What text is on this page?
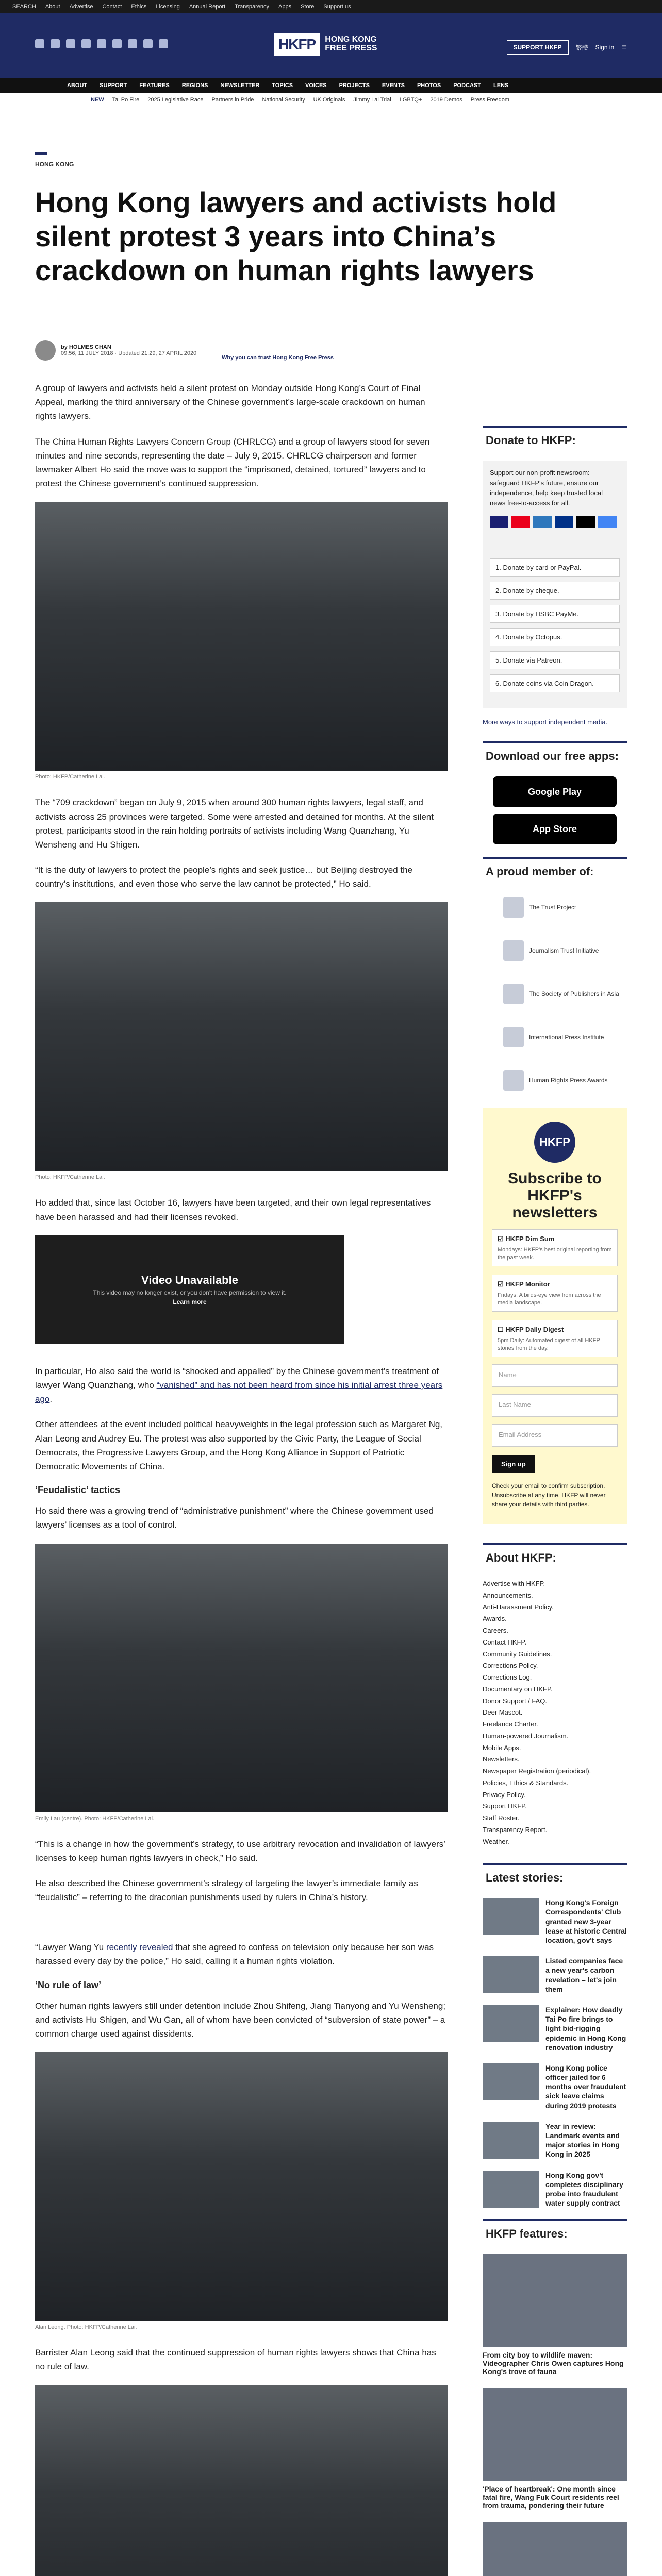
SEARCH About Advertise Contact Ethics Licensing Annual Report Transparency Apps Store Support us
HKFP	HONG KONG FREE PRESS	SUPPORT HKFP	繁體 Sign in ☰
ABOUT SUPPORT FEATURES REGIONS NEWSLETTER TOPICS VOICES PROJECTS EVENTS PHOTOS PODCAST LENS
NEW Tai Po Fire 2025 Legislative Race Partners in Pride National Security UK Originals Jimmy Lai Trial LGBTQ+ 2019 Demos Press Freedom
HONG KONG
Hong Kong lawyers and activists hold silent protest 3 years into China’s crackdown on human rights lawyers
by HOLMES CHAN
09:56, 11 JULY 2018 · Updated 21:29, 27 APRIL 2020
Why you can trust Hong Kong Free Press

A group of lawyers and activists held a silent protest on Monday outside Hong Kong’s Court of Final Appeal, marking the third anniversary of the Chinese government’s large-scale crackdown on human rights lawyers.

The China Human Rights Lawyers Concern Group (CHRLCG) and a group of lawyers stood for seven minutes and nine seconds, representing the date – July 9, 2015. CHRLCG chairperson and former lawmaker Albert Ho said the move was to support the “imprisoned, detained, tortured” lawyers and to protest the Chinese government’s continued suppression.

Photo: HKFP/Catherine Lai.

The “709 crackdown” began on July 9, 2015 when around 300 human rights lawyers, legal staff, and activists across 25 provinces were targeted. Some were arrested and detained for months. At the silent protest, participants stood in the rain holding portraits of activists including Wang Quanzhang, Yu Wensheng and Hu Shigen.

“It is the duty of lawyers to protect the people’s rights and seek justice… but Beijing destroyed the country’s institutions, and even those who serve the law cannot be protected,” Ho said.

Photo: HKFP/Catherine Lai.

Ho added that, since last October 16, lawyers have been targeted, and their own legal representatives have been harassed and had their licenses revoked.

Video Unavailable
This video may no longer exist, or you don't have permission to view it.
Learn more

In particular, Ho also said the world is “shocked and appalled” by the Chinese government’s treatment of lawyer Wang Quanzhang, who “vanished” and has not been heard from since his initial arrest three years ago.

Other attendees at the event included political heavyweights in the legal profession such as Margaret Ng, Alan Leong and Audrey Eu. The protest was also supported by the Civic Party, the League of Social Democrats, the Progressive Lawyers Group, and the Hong Kong Alliance in Support of Patriotic Democratic Movements of China.

‘Feudalistic’ tactics

Ho said there was a growing trend of “administrative punishment” where the Chinese government used lawyers’ licenses as a tool of control.

Emily Lau (centre). Photo: HKFP/Catherine Lai.

“This is a change in how the government’s strategy, to use arbitrary revocation and invalidation of lawyers’ licenses to keep human rights lawyers in check,” Ho said.

He also described the Chinese government’s strategy of targeting the lawyer’s immediate family as “feudalistic” – referring to the draconian punishments used by rulers in China’s history.

“Lawyer Wang Yu recently revealed that she agreed to confess on television only because her son was harassed every day by the police,” Ho said, calling it a human rights violation.

‘No rule of law’

Other human rights lawyers still under detention include Zhou Shifeng, Jiang Tianyong and Yu Wensheng; and activists Hu Shigen, and Wu Gan, all of whom have been convicted of “subversion of state power” – a common charge used against dissidents.

Alan Leong. Photo: HKFP/Catherine Lai.

Barrister Alan Leong said that the continued suppression of human rights lawyers shows that China has no rule of law.

Donate to HKFP:

Support our non-profit newsroom: safeguard HKFP's future, ensure our independence, help keep trusted local news free-to-access for all.

1. Donate by card or PayPal.
2. Donate by cheque.
3. Donate by HSBC PayMe.
4. Donate by Octopus.
5. Donate via Patreon.
6. Donate coins via Coin Dragon.
More ways to support independent media.
Download our free apps:
Google Play
App Store
A proud member of:
The Trust Project
Journalism Trust Initiative
The Society of Publishers in Asia
International Press Institute
Human Rights Press Awards
HKFP
Subscribe to HKFP's newsletters
☑ HKFP Dim Sum
Mondays: HKFP's best original reporting from the past week.
☑ HKFP Monitor
Fridays: A birds-eye view from across the media landscape.
☐ HKFP Daily Digest
5pm Daily: Automated digest of all HKFP stories from the day.
Name
Last Name
Email Address
Sign up

Check your email to confirm subscription. Unsubscribe at any time. HKFP will never share your details with third parties.

About HKFP:
Advertise with HKFP.
Announcements.
Anti-Harassment Policy.
Awards.
Careers.
Contact HKFP.
Community Guidelines.
Corrections Policy.
Corrections Log.
Documentary on HKFP.
Donor Support / FAQ.
Deer Mascot.
Freelance Charter.
Human-powered Journalism.
Mobile Apps.
Newsletters.
Newspaper Registration (periodical).
Policies, Ethics & Standards.
Privacy Policy.
Support HKFP.
Staff Roster.
Transparency Report.
Weather.
Latest stories:
Hong Kong's Foreign Correspondents' Club granted new 3-year lease at historic Central location, gov't says
Listed companies face a new year's carbon revelation – let's join them
Explainer: How deadly Tai Po fire brings to light bid-rigging epidemic in Hong Kong renovation industry
Hong Kong police officer jailed for 6 months over fraudulent sick leave claims during 2019 protests
Year in review: Landmark events and major stories in Hong Kong in 2025
Hong Kong gov't completes disciplinary probe into fraudulent water supply contract
HKFP features:
From city boy to wildlife maven: Videographer Chris Owen captures Hong Kong's trove of fauna
'Place of heartbreak': One month since fatal fire, Wang Fuk Court residents reel from trauma, pondering their future
